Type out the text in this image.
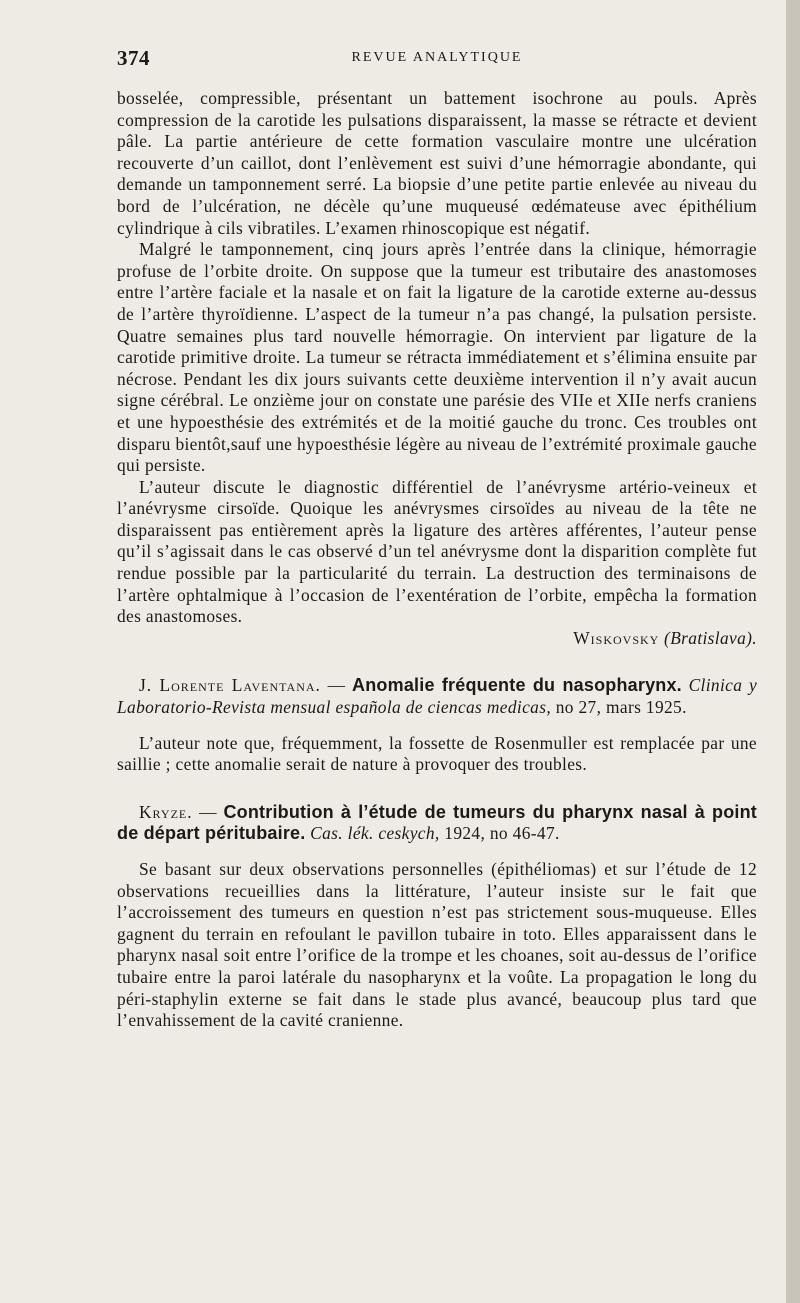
374	REVUE ANALYTIQUE

bosselée, compressible, présentant un battement isochrone au pouls. Après compression de la carotide les pulsations disparaissent, la masse se rétracte et devient pâle. La partie antérieure de cette formation vasculaire montre une ulcération recouverte d’un caillot, dont l’enlèvement est suivi d’une hémorragie abondante, qui demande un tamponnement serré. La biopsie d’une petite partie enlevée au niveau du bord de l’ulcération, ne décèle qu’une muqueusé œdémateuse avec épithélium cylindrique à cils vibratiles. L’examen rhinoscopique est négatif.

Malgré le tamponnement, cinq jours après l’entrée dans la clinique, hémorragie profuse de l’orbite droite. On suppose que la tumeur est tributaire des anastomoses entre l’artère faciale et la nasale et on fait la ligature de la carotide externe au-dessus de l’artère thyroïdienne. L’aspect de la tumeur n’a pas changé, la pulsation persiste. Quatre semaines plus tard nouvelle hémorragie. On intervient par ligature de la carotide primitive droite. La tumeur se rétracta immédiatement et s’élimina ensuite par nécrose. Pendant les dix jours suivants cette deuxième intervention il n’y avait aucun signe cérébral. Le onzième jour on constate une parésie des VIIe et XIIe nerfs craniens et une hypoesthésie des extrémités et de la moitié gauche du tronc. Ces troubles ont disparu bientôt,sauf une hypoesthésie légère au niveau de l’extrémité proximale gauche qui persiste.

L’auteur discute le diagnostic différentiel de l’anévrysme artério-veineux et l’anévrysme cirsoïde. Quoique les anévrysmes cirsoïdes au niveau de la tête ne disparaissent pas entièrement après la ligature des artères afférentes, l’auteur pense qu’il s’agissait dans le cas observé d’un tel anévrysme dont la disparition complète fut rendue possible par la particularité du terrain. La destruction des terminaisons de l’artère ophtalmique à l’occasion de l’exentération de l’orbite, empêcha la formation des anastomoses.

Wiskovsky (Bratislava).

J. Lorente Laventana. — Anomalie fréquente du nasopharynx. Clinica y Laboratorio-Revista mensual española de ciencas medicas, no 27, mars 1925.

L’auteur note que, fréquemment, la fossette de Rosenmuller est remplacée par une saillie ; cette anomalie serait de nature à provoquer des troubles.

Kryze. — Contribution à l’étude de tumeurs du pharynx nasal à point de départ péritubaire. Cas. lék. ceskych, 1924, no 46-47.

Se basant sur deux observations personnelles (épithéliomas) et sur l’étude de 12 observations recueillies dans la littérature, l’auteur insiste sur le fait que l’accroissement des tumeurs en question n’est pas strictement sous-muqueuse. Elles gagnent du terrain en refoulant le pavillon tubaire in toto. Elles apparaissent dans le pharynx nasal soit entre l’orifice de la trompe et les choanes, soit au-dessus de l’orifice tubaire entre la paroi latérale du nasopharynx et la voûte. La propagation le long du péri-staphylin externe se fait dans le stade plus avancé, beaucoup plus tard que l’envahissement de la cavité cranienne.
